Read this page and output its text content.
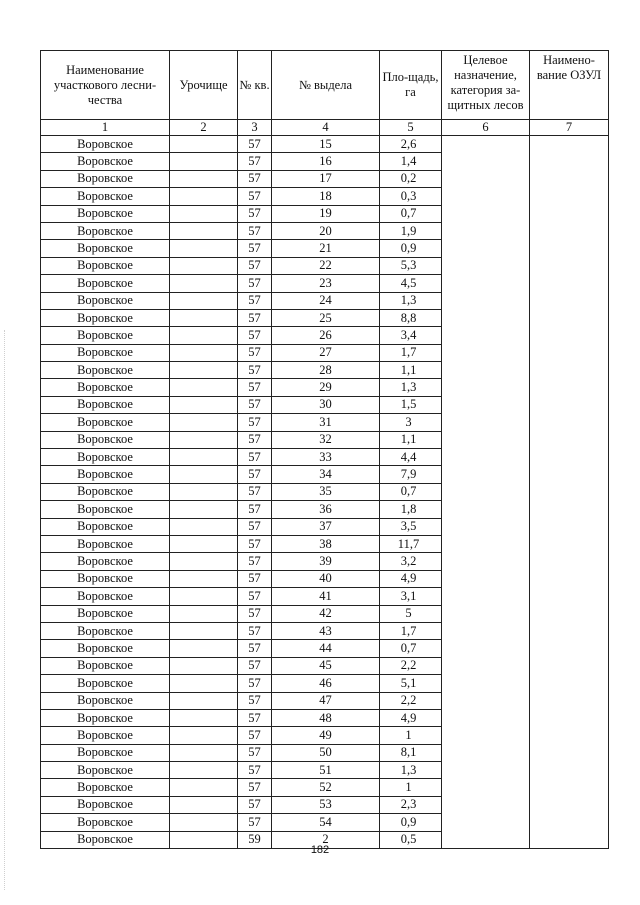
Наименование участкового лесни-чества	Урочище	№ кв.	№ выдела	Пло-щадь, га	Целевое назначение, категория за-щитных лесов	Наимено-вание ОЗУЛ
1	2	3	4	5	6	7
Воровское		57	15	2,6		
Воровское		57	16	1,4		
Воровское		57	17	0,2		
Воровское		57	18	0,3		
Воровское		57	19	0,7		
Воровское		57	20	1,9		
Воровское		57	21	0,9		
Воровское		57	22	5,3		
Воровское		57	23	4,5		
Воровское		57	24	1,3		
Воровское		57	25	8,8		
Воровское		57	26	3,4		
Воровское		57	27	1,7		
Воровское		57	28	1,1		
Воровское		57	29	1,3		
Воровское		57	30	1,5		
Воровское		57	31	3		
Воровское		57	32	1,1		
Воровское		57	33	4,4		
Воровское		57	34	7,9		
Воровское		57	35	0,7		
Воровское		57	36	1,8		
Воровское		57	37	3,5		
Воровское		57	38	11,7		
Воровское		57	39	3,2		
Воровское		57	40	4,9		
Воровское		57	41	3,1		
Воровское		57	42	5		
Воровское		57	43	1,7		
Воровское		57	44	0,7		
Воровское		57	45	2,2		
Воровское		57	46	5,1		
Воровское		57	47	2,2		
Воровское		57	48	4,9		
Воровское		57	49	1		
Воровское		57	50	8,1		
Воровское		57	51	1,3		
Воровское		57	52	1		
Воровское		57	53	2,3		
Воровское		57	54	0,9		
Воровское		59	2	0,5		
182
